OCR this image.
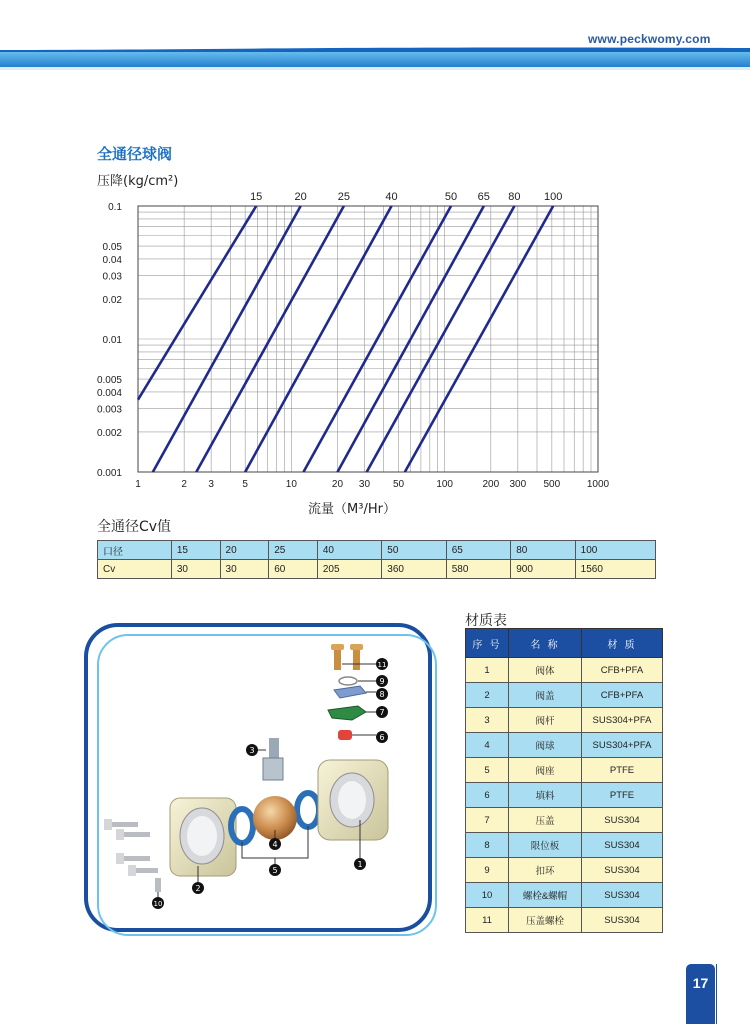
www.peckwomy.com
全通径球阀
压降(kg/cm²)
1	2 3	5	10	20 30 50	100	200 300 500	1000
0.001
0.002
0.003
0.004
0.005
0.01
0.02
0.03
0.04
0.05
0.1
15	20	25	40	50 65 80 100
流量（M³/Hr）
全通径Cv值
口径	15	20	25	40	50	65	80	100
Cv	30	30	60	205	360	580	900	1560
11
9
8
7
6
3
4
5
1
2
10
材质表
序 号	名 称	材 质
1	阀体	CFB+PFA
2	阀盖	CFB+PFA
3	阀杆	SUS304+PFA
4	阀球	SUS304+PFA
5	阀座	PTFE
6	填料	PTFE
7	压盖	SUS304
8	限位板	SUS304
9	扣环	SUS304
10	螺栓&螺帽	SUS304
11	压盖螺栓	SUS304
17
